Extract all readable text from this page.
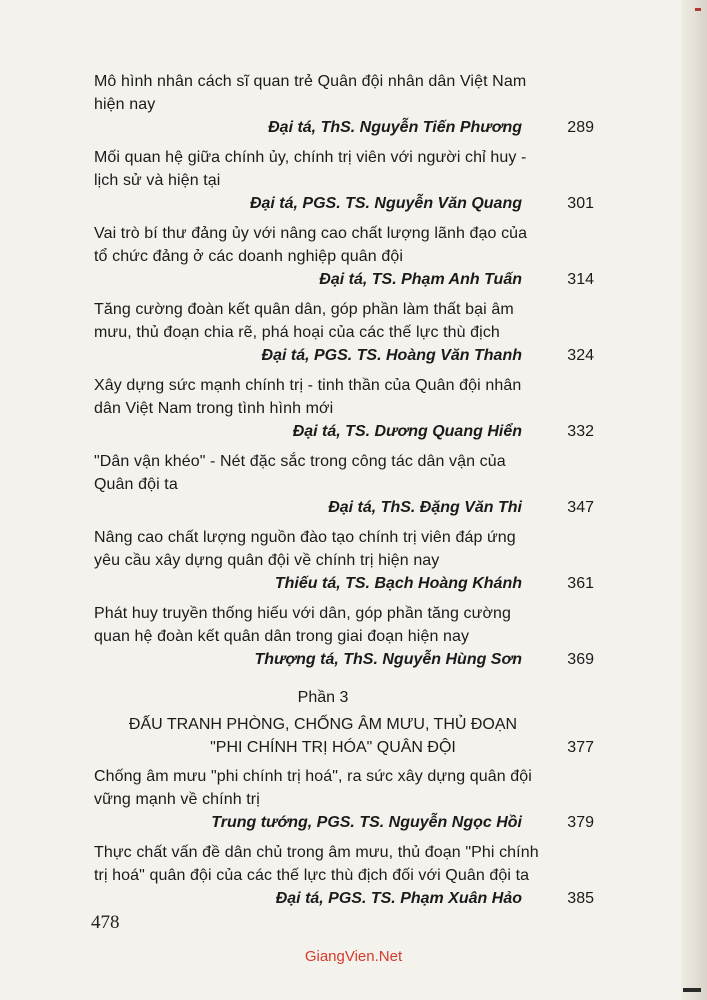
Mô hình nhân cách sĩ quan trẻ Quân đội nhân dân Việt Nam
hiện nay
Đại tá, ThS. Nguyễn Tiến Phương	289
Mối quan hệ giữa chính ủy, chính trị viên với người chỉ huy -
lịch sử và hiện tại
Đại tá, PGS. TS. Nguyễn Văn Quang	301
Vai trò bí thư đảng ủy với nâng cao chất lượng lãnh đạo của
tổ chức đảng ở các doanh nghiệp quân đội
Đại tá, TS. Phạm Anh Tuấn	314
Tăng cường đoàn kết quân dân, góp phần làm thất bại âm
mưu, thủ đoạn chia rẽ, phá hoại của các thế lực thù địch
Đại tá, PGS. TS. Hoàng Văn Thanh	324
Xây dựng sức mạnh chính trị - tinh thần của Quân đội nhân
dân Việt Nam trong tình hình mới
Đại tá, TS. Dương Quang Hiển	332
"Dân vận khéo" - Nét đặc sắc trong công tác dân vận của
Quân đội ta
Đại tá, ThS. Đặng Văn Thi	347
Nâng cao chất lượng nguồn đào tạo chính trị viên đáp ứng
yêu cầu xây dựng quân đội về chính trị hiện nay
Thiếu tá, TS. Bạch Hoàng Khánh	361
Phát huy truyền thống hiếu với dân, góp phần tăng cường
quan hệ đoàn kết quân dân trong giai đoạn hiện nay
Thượng tá, ThS. Nguyễn Hùng Sơn	369
Phần 3
ĐẤU TRANH PHÒNG, CHỐNG ÂM MƯU, THỦ ĐOẠN
"PHI CHÍNH TRỊ HÓA" QUÂN ĐỘI	377
Chống âm mưu "phi chính trị hoá", ra sức xây dựng quân đội
vững mạnh về chính trị
Trung tướng, PGS. TS. Nguyễn Ngọc Hồi	379
Thực chất vấn đề dân chủ trong âm mưu, thủ đoạn "Phi chính
trị hoá" quân đội của các thế lực thù địch đối với Quân đội ta
Đại tá, PGS. TS. Phạm Xuân Hảo	385
478
GiangVien.Net
